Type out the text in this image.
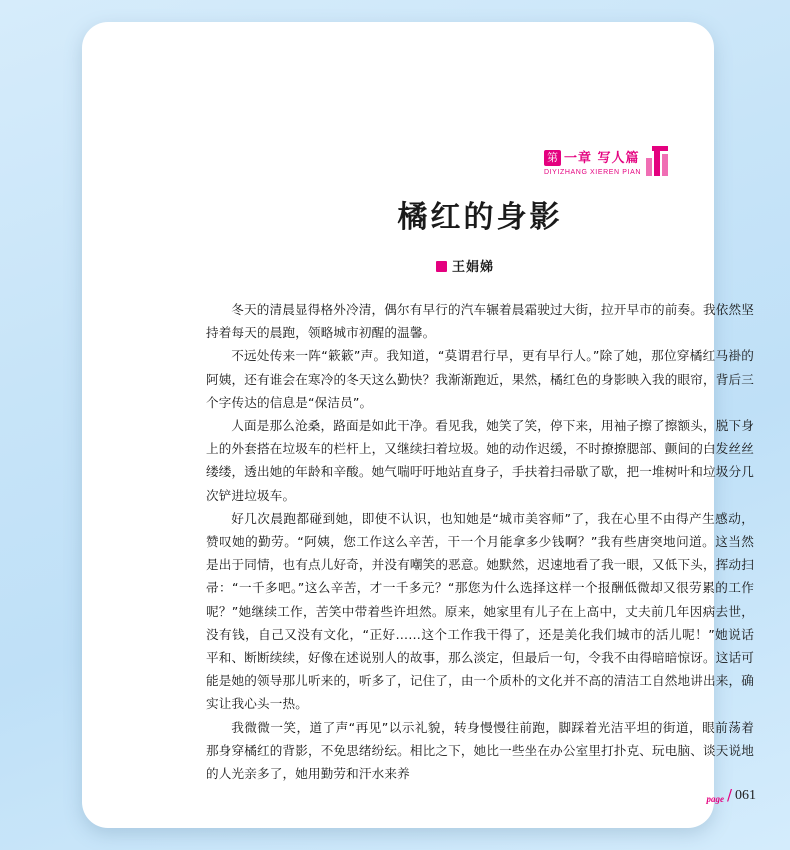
第 一章 写人篇
DIYIZHANG XIEREN PIAN
橘红的身影
王娟娣

冬天的清晨显得格外冷清，偶尔有早行的汽车辗着晨霜驶过大街，拉开早市的前奏。我依然坚持着每天的晨跑，领略城市初醒的温馨。

不远处传来一阵“簌簌”声。我知道，“莫谓君行早，更有早行人。”除了她，那位穿橘红马褂的阿姨，还有谁会在寒冷的冬天这么勤快？我渐渐跑近，果然，橘红色的身影映入我的眼帘，背后三个字传达的信息是“保洁员”。

人面是那么沧桑，路面是如此干净。看见我，她笑了笑，停下来，用袖子擦了擦额头，脱下身上的外套搭在垃圾车的栏杆上，又继续扫着垃圾。她的动作迟缓，不时撩撩腮部、颤间的白发丝丝缕缕，透出她的年龄和辛酸。她气喘吁吁地站直身子，手扶着扫帚歇了歇，把一堆树叶和垃圾分几次铲进垃圾车。

好几次晨跑都碰到她，即使不认识，也知她是“城市美容师”了，我在心里不由得产生感动，赞叹她的勤劳。“阿姨，您工作这么辛苦，干一个月能拿多少钱啊？”我有些唐突地问道。这当然是出于同情，也有点儿好奇，并没有嘲笑的恶意。她默然，迟速地看了我一眼，又低下头，挥动扫帚：“一千多吧。”这么辛苦，才一千多元？“那您为什么选择这样一个报酬低微却又很劳累的工作呢？”她继续工作，苦笑中带着些许坦然。原来，她家里有儿子在上高中，丈夫前几年因病去世，没有钱，自己又没有文化，“正好……这个工作我干得了，还是美化我们城市的活儿呢！”她说话平和、断断续续，好像在述说别人的故事，那么淡定，但最后一句，令我不由得暗暗惊讶。这话可能是她的领导那儿听来的，听多了，记住了，由一个质朴的文化并不高的清洁工自然地讲出来，确实让我心头一热。

我微微一笑，道了声“再见”以示礼貌，转身慢慢往前跑，脚踩着光洁平坦的街道，眼前荡着那身穿橘红的背影，不免思绪纷纭。相比之下，她比一些坐在办公室里打扑克、玩电脑、谈天说地的人光亲多了，她用勤劳和汗水来养

page / 061
